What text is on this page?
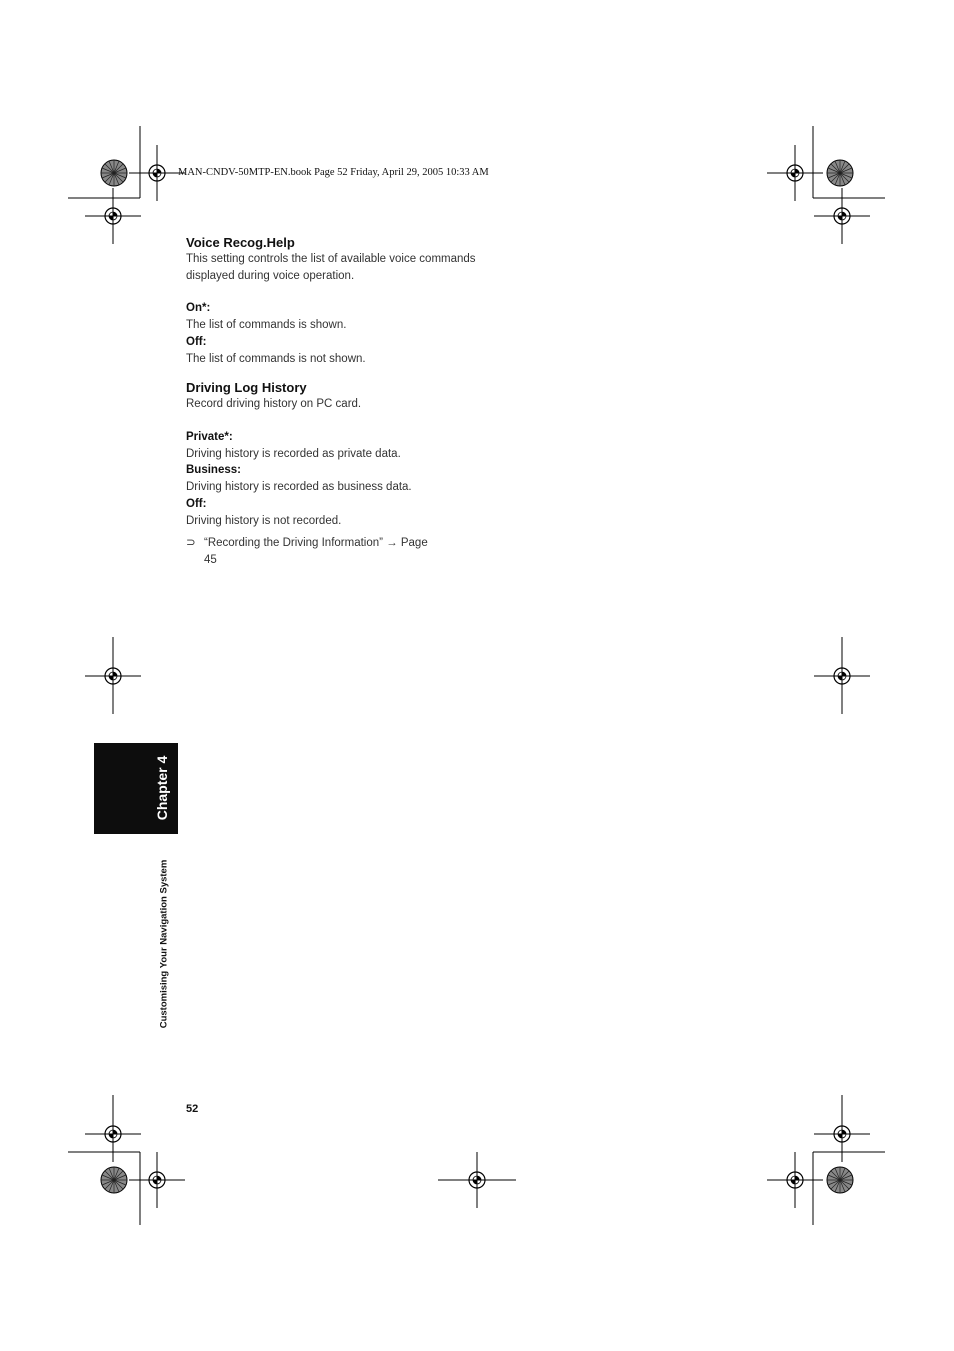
MAN-CNDV-50MTP-EN.book Page 52 Friday, April 29, 2005 10:33 AM
Voice Recog.Help

This setting controls the list of available voice commands displayed during voice operation.

On*:

The list of commands is shown.

Off:

The list of commands is not shown.

Driving Log History

Record driving history on PC card.

Private*:

Driving history is recorded as private data.

Business:

Driving history is recorded as business data.

Off:

Driving history is not recorded.

⊃ “Recording the Driving Information” → Page 45
Chapter 4
Customising Your Navigation System
52
